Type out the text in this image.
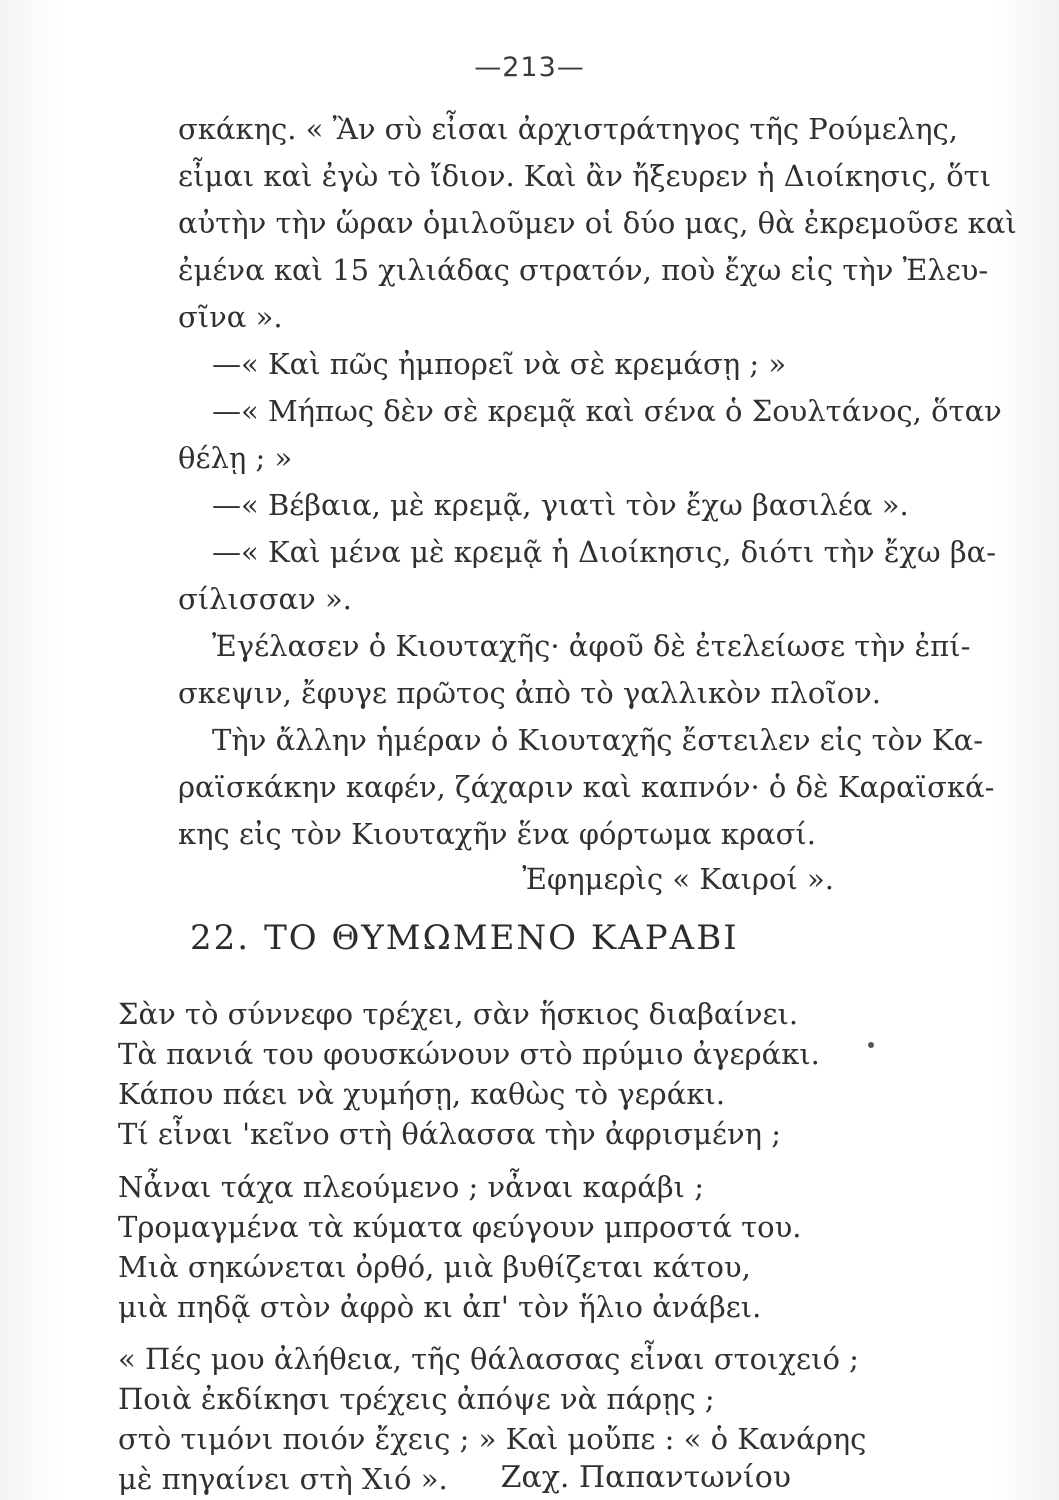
—213—
σκάκης. « Ἂν σὺ εἶσαι ἀρχιστράτηγος τῆς Ρούμελης,
εἶμαι καὶ ἐγὼ τὸ ἴδιον. Καὶ ἂν ἤξευρεν ἡ Διοίκησις, ὅτι
αὐτὴν τὴν ὥραν ὁμιλοῦμεν οἱ δύο μας, θὰ ἐκρεμοῦσε καὶ
ἐμένα καὶ 15 χιλιάδας στρατόν, ποὺ ἔχω εἰς τὴν Ἐλευ-
σῖνα ».
—« Καὶ πῶς ἠμπορεῖ νὰ σὲ κρεμάσῃ ; »
—« Μήπως δὲν σὲ κρεμᾷ καὶ σένα ὁ Σουλτάνος, ὅταν
θέλῃ ; »
—« Βέβαια, μὲ κρεμᾷ, γιατὶ τὸν ἔχω βασιλέα ».
—« Καὶ μένα μὲ κρεμᾷ ἡ Διοίκησις, διότι τὴν ἔχω βα-
σίλισσαν ».
Ἐγέλασεν ὁ Κιουταχῆς· ἀφοῦ δὲ ἐτελείωσε τὴν ἐπί-
σκεψιν, ἔφυγε πρῶτος ἀπὸ τὸ γαλλικὸν πλοῖον.
Τὴν ἄλλην ἡμέραν ὁ Κιουταχῆς ἔστειλεν εἰς τὸν Κα-
ραϊσκάκην καφέν, ζάχαριν καὶ καπνόν· ὁ δὲ Καραϊσκά-
κης εἰς τὸν Κιουταχῆν ἕνα φόρτωμα κρασί.
Ἐφημερὶς « Καιροί ».
22. ΤΟ ΘΥΜΩΜΕΝΟ ΚΑΡΑΒΙ
Σὰν τὸ σύννεφο τρέχει, σὰν ἥσκιος διαβαίνει.
Τὰ πανιά του φουσκώνουν στὸ πρύμιο ἀγεράκι.
Κάπου πάει νὰ χυμήσῃ, καθὼς τὸ γεράκι.
Τί εἶναι 'κεῖνο στὴ θάλασσα τὴν ἀφρισμένη ;
Νἆναι τάχα πλεούμενο ; νἆναι καράβι ;
Τρομαγμένα τὰ κύματα φεύγουν μπροστά του.
Μιὰ σηκώνεται ὀρθό, μιὰ βυθίζεται κάτου,
μιὰ πηδᾷ στὸν ἀφρὸ κι ἀπ' τὸν ἥλιο ἀνάβει.
« Πές μου ἀλήθεια, τῆς θάλασσας εἶναι στοιχειό ;
Ποιὰ ἐκδίκησι τρέχεις ἀπόψε νὰ πάρῃς ;
στὸ τιμόνι ποιόν ἔχεις ; » Καὶ μοὔπε : « ὁ Κανάρης
μὲ πηγαίνει στὴ Χιό ». Ζαχ. Παπαντωνίου
